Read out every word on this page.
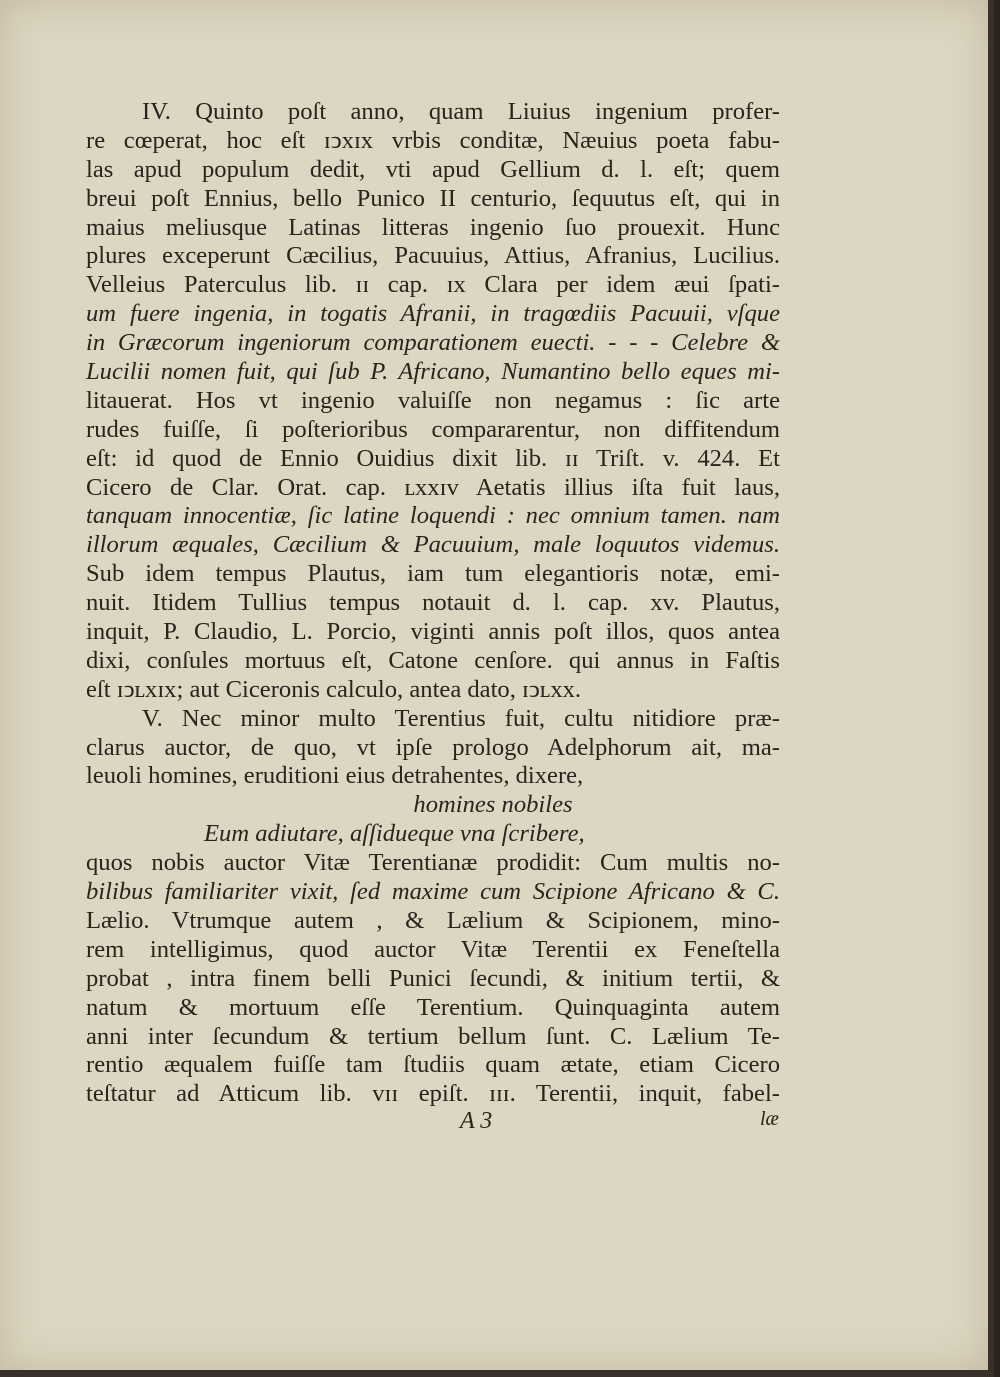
IV. Quinto poſt anno, quam Liuius ingenium profer-
re cœperat, hoc eſt ɪↄxɪx vrbis conditæ, Næuius poeta fabu-
las apud populum dedit, vti apud Gellium d. l. eſt; quem
breui poſt Ennius, bello Punico II centurio, ſequutus eſt, qui in
maius meliusque Latinas litteras ingenio ſuo prouexit. Hunc
plures exceperunt Cæcilius, Pacuuius, Attius, Afranius, Lucilius.
Velleius Paterculus lib. ɪɪ cap. ɪx Clara per idem æui ſpati-
um fuere ingenia, in togatis Afranii, in tragœdiis Pacuuii, vſque
in Græcorum ingeniorum comparationem euecti. - - - Celebre &
Lucilii nomen fuit, qui ſub P. Africano, Numantino bello eques mi-
litauerat. Hos vt ingenio valuiſſe non negamus : ſic arte
rudes fuiſſe, ſi poſterioribus compararentur, non diffitendum
eſt: id quod de Ennio Ouidius dixit lib. ɪɪ Triſt. v. 424. Et
Cicero de Clar. Orat. cap. ʟxxɪv Aetatis illius iſta fuit laus,
tanquam innocentiæ, ſic latine loquendi : nec omnium tamen. nam
illorum æquales, Cæcilium & Pacuuium, male loquutos videmus.
Sub idem tempus Plautus, iam tum elegantioris notæ, emi-
nuit. Itidem Tullius tempus notauit d. l. cap. xv. Plautus,
inquit, P. Claudio, L. Porcio, viginti annis poſt illos, quos antea
dixi, conſules mortuus eſt, Catone cenſore. qui annus in Faſtis
eſt ɪↄʟxɪx; aut Ciceronis calculo, antea dato, ɪↄʟxx.
V. Nec minor multo Terentius fuit, cultu nitidiore præ-
clarus auctor, de quo, vt ipſe prologo Adelphorum ait, ma-
leuoli homines, eruditioni eius detrahentes, dixere,
homines nobiles
Eum adiutare, aſſidueque vna ſcribere,
quos nobis auctor Vitæ Terentianæ prodidit: Cum multis no-
bilibus familiariter vixit, ſed maxime cum Scipione Africano & C.
Lælio. Vtrumque autem , & Lælium & Scipionem, mino-
rem intelligimus, quod auctor Vitæ Terentii ex Feneſtella
probat , intra finem belli Punici ſecundi, & initium tertii, &
natum & mortuum eſſe Terentium. Quinquaginta autem
anni inter ſecundum & tertium bellum ſunt. C. Lælium Te-
rentio æqualem fuiſſe tam ſtudiis quam ætate, etiam Cicero
teſtatur ad Atticum lib. vɪɪ epiſt. ɪɪɪ. Terentii, inquit, fabel-
A 3	læ
